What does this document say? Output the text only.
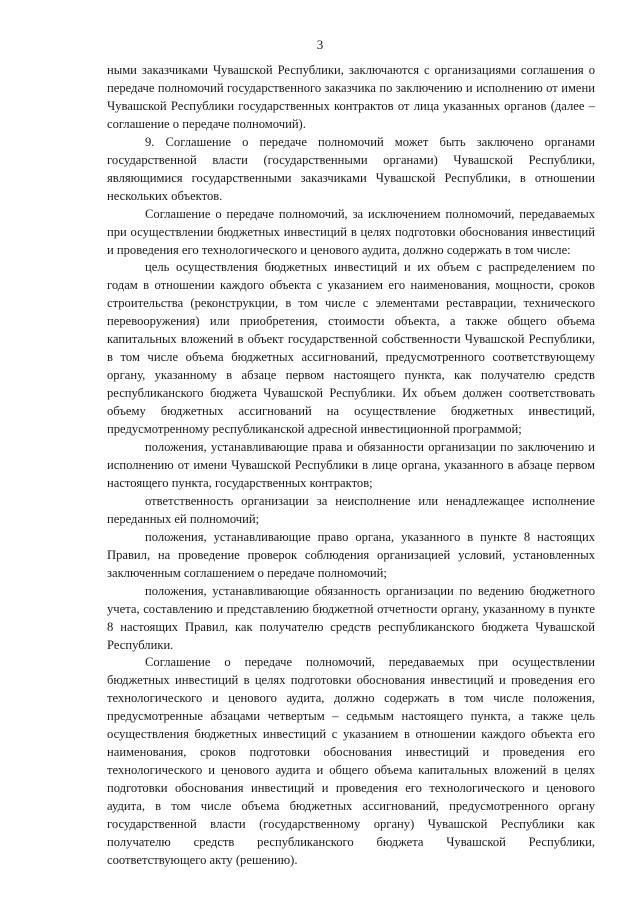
3

ными заказчиками Чувашской Республики, заключаются с организациями соглашения о передаче полномочий государственного заказчика по заключению и исполнению от имени Чувашской Республики государственных контрактов от лица указанных органов (далее – соглашение о передаче полномочий).

9. Соглашение о передаче полномочий может быть заключено органами государственной власти (государственными органами) Чувашской Республики, являющимися государственными заказчиками Чувашской Республики, в отношении нескольких объектов.

Соглашение о передаче полномочий, за исключением полномочий, передаваемых при осуществлении бюджетных инвестиций в целях подготовки обоснования инвестиций и проведения его технологического и ценового аудита, должно содержать в том числе:

цель осуществления бюджетных инвестиций и их объем с распределением по годам в отношении каждого объекта с указанием его наименования, мощности, сроков строительства (реконструкции, в том числе с элементами реставрации, технического перевооружения) или приобретения, стоимости объекта, а также общего объема капитальных вложений в объект государственной собственности Чувашской Республики, в том числе объема бюджетных ассигнований, предусмотренного соответствующему органу, указанному в абзаце первом настоящего пункта, как получателю средств республиканского бюджета Чувашской Республики. Их объем должен соответствовать объему бюджетных ассигнований на осуществление бюджетных инвестиций, предусмотренному республиканской адресной инвестиционной программой;

положения, устанавливающие права и обязанности организации по заключению и исполнению от имени Чувашской Республики в лице органа, указанного в абзаце первом настоящего пункта, государственных контрактов;

ответственность организации за неисполнение или ненадлежащее исполнение переданных ей полномочий;

положения, устанавливающие право органа, указанного в пункте 8 настоящих Правил, на проведение проверок соблюдения организацией условий, установленных заключенным соглашением о передаче полномочий;

положения, устанавливающие обязанность организации по ведению бюджетного учета, составлению и представлению бюджетной отчетности органу, указанному в пункте 8 настоящих Правил, как получателю средств республиканского бюджета Чувашской Республики.

Соглашение о передаче полномочий, передаваемых при осуществлении бюджетных инвестиций в целях подготовки обоснования инвестиций и проведения его технологического и ценового аудита, должно содержать в том числе положения, предусмотренные абзацами четвертым – седьмым настоящего пункта, а также цель осуществления бюджетных инвестиций с указанием в отношении каждого объекта его наименования, сроков подготовки обоснования инвестиций и проведения его технологического и ценового аудита и общего объема капитальных вложений в целях подготовки обоснования инвестиций и проведения его технологического и ценового аудита, в том числе объема бюджетных ассигнований, предусмотренного органу государственной власти (государственному органу) Чувашской Республики как получателю средств республиканского бюджета Чувашской Республики, соответствующего акту (решению).
